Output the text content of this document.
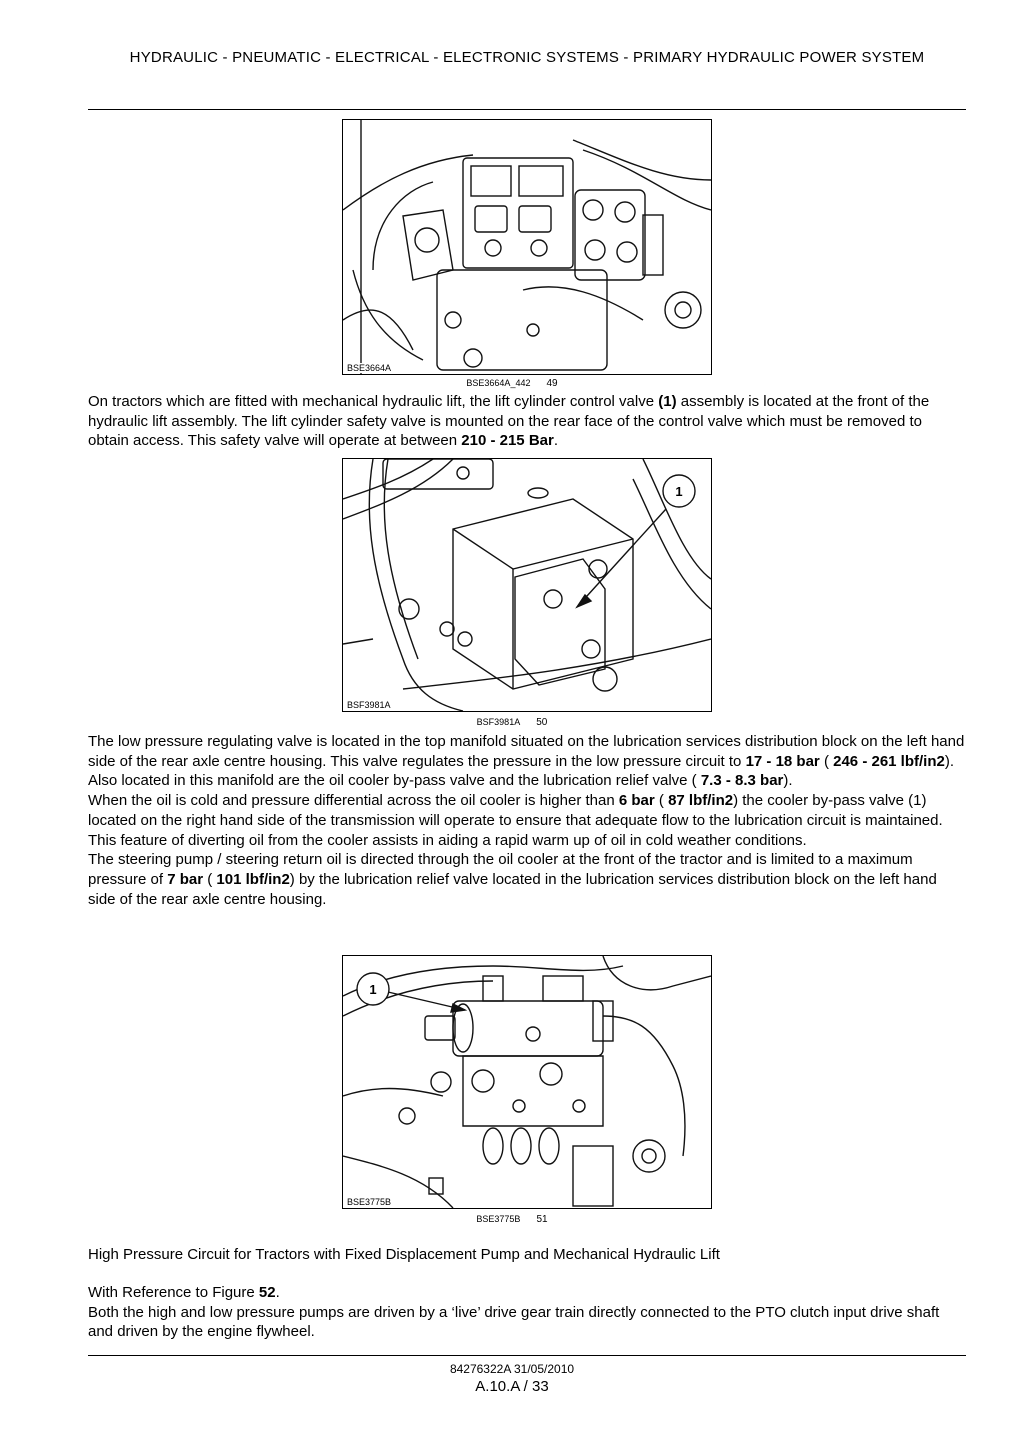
HYDRAULIC - PNEUMATIC - ELECTRICAL - ELECTRONIC SYSTEMS - PRIMARY HYDRAULIC POWER SYSTEM
BSE3664A
BSE3664A_442 49

On tractors which are fitted with mechanical hydraulic lift, the lift cylinder control valve (1) assembly is located at the front of the hydraulic lift assembly. The lift cylinder safety valve is mounted on the rear face of the control valve which must be removed to obtain access. This safety valve will operate at between 210 - 215 Bar.

1
BSF3981A
BSF3981A 50

The low pressure regulating valve is located in the top manifold situated on the lubrication services distribution block on the left hand side of the rear axle centre housing. This valve regulates the pressure in the low pressure circuit to 17 - 18 bar ( 246 - 261 lbf/in2).

Also located in this manifold are the oil cooler by-pass valve and the lubrication relief valve ( 7.3 - 8.3 bar).

When the oil is cold and pressure differential across the oil cooler is higher than 6 bar ( 87 lbf/in2) the cooler by-pass valve (1) located on the right hand side of the transmission will operate to ensure that adequate flow to the lubrication circuit is maintained. This feature of diverting oil from the cooler assists in aiding a rapid warm up of oil in cold weather conditions.

The steering pump / steering return oil is directed through the oil cooler at the front of the tractor and is limited to a maximum pressure of 7 bar ( 101 lbf/in2) by the lubrication relief valve located in the lubrication services distribution block on the left hand side of the rear axle centre housing.

1
BSE3775B
BSE3775B 51

High Pressure Circuit for Tractors with Fixed Displacement Pump and Mechanical Hydraulic Lift

With Reference to Figure 52.

Both the high and low pressure pumps are driven by a ‘live’ drive gear train directly connected to the PTO clutch input drive shaft and driven by the engine flywheel.

84276322A 31/05/2010
A.10.A / 33
